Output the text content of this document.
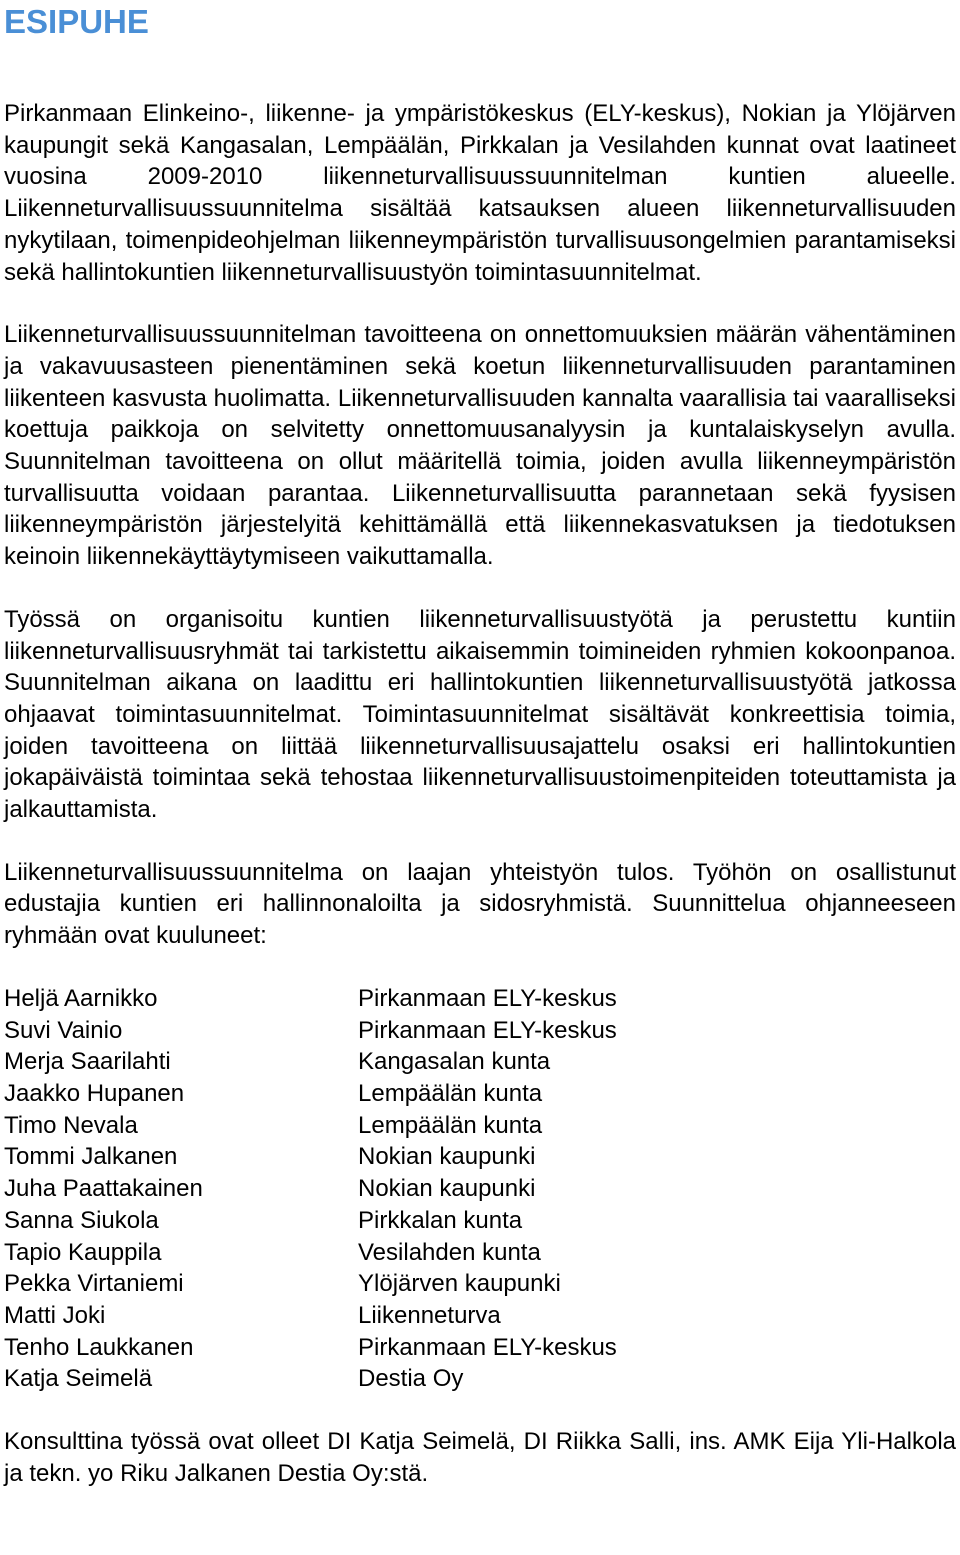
ESIPUHE

Pirkanmaan Elinkeino-, liikenne- ja ympäristökeskus (ELY-keskus), Nokian ja Ylöjärven kaupungit sekä Kangasalan, Lempäälän, Pirkkalan ja Vesilahden kunnat ovat laatineet vuosina 2009-2010 liikenneturvallisuussuunnitelman kuntien alueelle. Liikenneturvallisuussuunnitelma sisältää katsauksen alueen liikenneturvallisuuden nykytilaan, toimenpideohjelman liikenneympäristön turvallisuusongelmien parantamiseksi sekä hallintokuntien liikenneturvallisuustyön toimintasuunnitelmat.

Liikenneturvallisuussuunnitelman tavoitteena on onnettomuuksien määrän vähentäminen ja vakavuusasteen pienentäminen sekä koetun liikenneturvallisuuden parantaminen liikenteen kasvusta huolimatta. Liikenneturvallisuuden kannalta vaarallisia tai vaaralliseksi koettuja paikkoja on selvitetty onnettomuusanalyysin ja kuntalaiskyselyn avulla. Suunnitelman tavoitteena on ollut määritellä toimia, joiden avulla liikenneympäristön turvallisuutta voidaan parantaa. Liikenneturvallisuutta parannetaan sekä fyysisen liikenneympäristön järjestelyitä kehittämällä että liikennekasvatuksen ja tiedotuksen keinoin liikennekäyttäytymiseen vaikuttamalla.

Työssä on organisoitu kuntien liikenneturvallisuustyötä ja perustettu kuntiin liikenneturvallisuusryhmät tai tarkistettu aikaisemmin toimineiden ryhmien kokoonpanoa. Suunnitelman aikana on laadittu eri hallintokuntien liikenneturvallisuustyötä jatkossa ohjaavat toimintasuunnitelmat. Toimintasuunnitelmat sisältävät konkreettisia toimia, joiden tavoitteena on liittää liikenneturvallisuusajattelu osaksi eri hallintokuntien jokapäiväistä toimintaa sekä tehostaa liikenneturvallisuustoimenpiteiden toteuttamista ja jalkauttamista.

Liikenneturvallisuussuunnitelma on laajan yhteistyön tulos. Työhön on osallistunut edustajia kuntien eri hallinnonaloilta ja sidosryhmistä. Suunnittelua ohjanneeseen ryhmään ovat kuuluneet:

Heljä Aarnikko	Pirkanmaan ELY-keskus
Suvi Vainio	Pirkanmaan ELY-keskus
Merja Saarilahti	Kangasalan kunta
Jaakko Hupanen	Lempäälän kunta
Timo Nevala	Lempäälän kunta
Tommi Jalkanen	Nokian kaupunki
Juha Paattakainen	Nokian kaupunki
Sanna Siukola	Pirkkalan kunta
Tapio Kauppila	Vesilahden kunta
Pekka Virtaniemi	Ylöjärven kaupunki
Matti Joki	Liikenneturva
Tenho Laukkanen	Pirkanmaan ELY-keskus
Katja Seimelä	Destia Oy

Konsulttina työssä ovat olleet DI Katja Seimelä, DI Riikka Salli, ins. AMK Eija Yli-Halkola ja tekn. yo Riku Jalkanen Destia Oy:stä.
